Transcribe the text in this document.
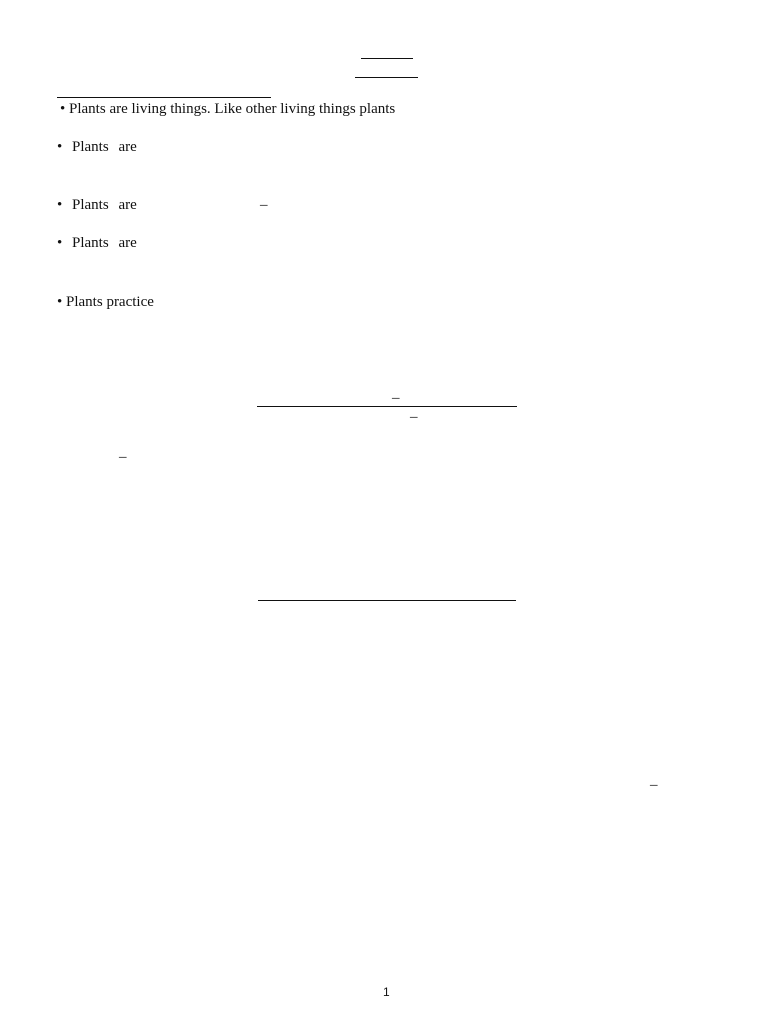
• Plants are living things. Like other living things plants
• Plants are
• Plants are	–
• Plants are
• Plants practice
–
–
–
–
1
